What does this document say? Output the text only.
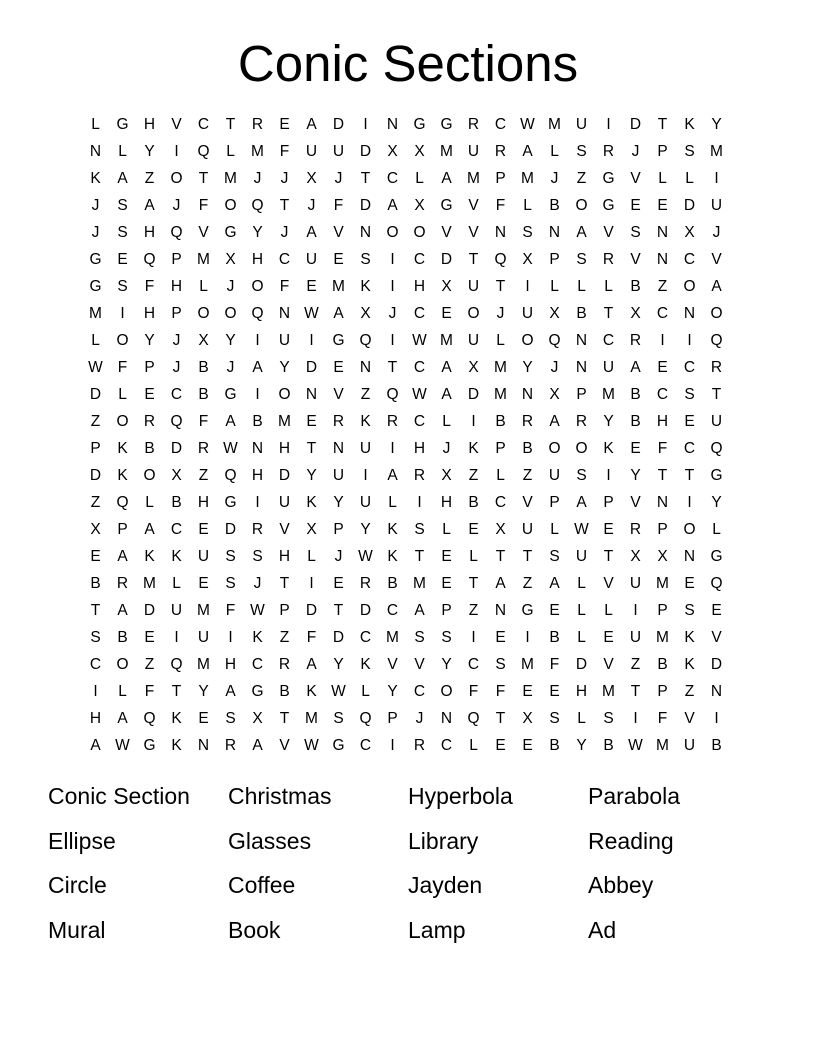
Conic Sections
L	G H	V	C	T	R	E	A	D	I	N G G R	C W M U	I	D	T	K	Y
N	L	Y	I	Q	L	M	F	U	U	D	X	X M U	R	A	L	S	R	J	P	S M
K	A	Z	O	T	M	J	J	X	J	T	C	L	A M P M	J	Z	G	V	L	L	I
J	S	A	J	F	O Q	T	J	F	D	A	X	G	V	F	L	B	O G	E	E	D	U
J	S	H Q	V	G	Y	J	A	V	N O O	V	V	N	S	N	A	V	S	N	X	J
G	E	Q	P M X	H	C	U	E	S	I	C	D	T	Q	X	P	S	R	V	N	C	V
G	S	F	H	L	J	O	F	E M K	I	H	X	U	T	I	L	L	L	B	Z	O	A
M	I	H	P	O O Q N W A	X	J	C	E	O	J	U	X	B	T	X	C	N O
L	O	Y	J	X	Y	I	U	I	G Q	I	W M U	L	O Q N	C	R	I	I	Q
W F	P	J	B	J	A	Y	D	E	N	T	C	A	X M Y	J	N	U	A	E	C	R
D	L	E	C	B	G	I	O N	V	Z	Q W A	D M N	X	P M B	C	S	T
Z	O R Q	F	A	B M E	R	K	R	C	L	I	B	R	A	R	Y	B	H	E	U
P	K	B	D	R W N	H	T	N	U	I	H	J	K	P	B	O O	K	E	F	C Q
D	K	O	X	Z	Q H	D	Y	U	I	A	R	X	Z	L	Z	U	S	I	Y	T	T	G
Z	Q	L	B	H G	I	U	K	Y	U	L	I	H	B	C	V	P	A	P	V	N	I	Y
X	P	A	C	E	D	R	V	X	P	Y	K	S	L	E	X	U	L W E	R	P	O	L
E	A	K	K	U	S	S	H	L	J	W K	T	E	L	T	T	S	U	T	X	X	N G
B	R M	L	E	S	J	T	I	E	R	B M E	T	A	Z	A	L	V	U M E	Q
T	A	D	U M	F W P	D	T	D	C	A	P	Z	N G	E	L	L	I	P	S	E
S	B	E	I	U	I	K	Z	F	D	C M S	S	I	E	I	B	L	E	U M K	V
C O	Z	Q M H	C	R	A	Y	K	V	V	Y	C	S M	F	D	V	Z	B	K	D
I	L	F	T	Y	A	G	B	K W L	Y	C O	F	F	E	E	H M	T	P	Z	N
H	A	Q	K	E	S	X	T	M S	Q	P	J	N Q	T	X	S	L	S	I	F	V	I
A W G	K	N	R	A	V W G C	I	R	C	L	E	E	B	Y	B W M U	B
Conic Section	Christmas	Hyperbola	Parabola
Ellipse	Glasses	Library	Reading
Circle	Coffee	Jayden	Abbey
Mural	Book	Lamp	Ad
